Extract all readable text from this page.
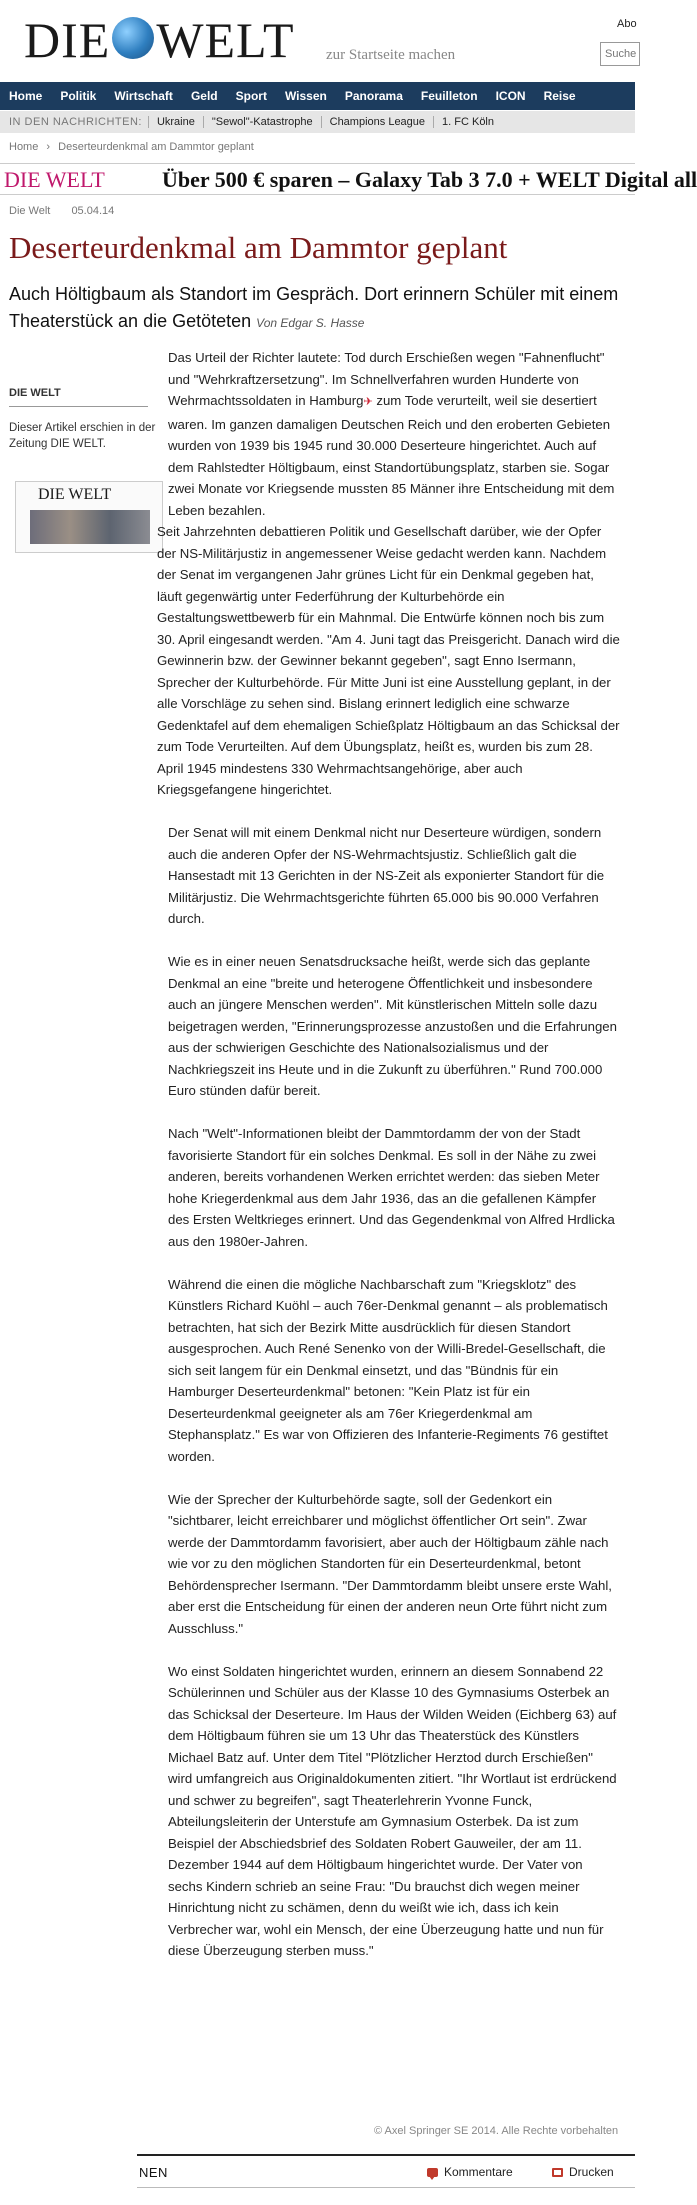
DIE WELT zur Startseite machen
Abo
Suche
Home	Politik	Wirtschaft	Geld	Sport	Wissen	Panorama	Feuilleton	ICON	Reise
IN DEN NACHRICHTEN:	Ukraine	"Sewol"-Katastrophe	Champions League	1. FC Köln
Home › Deserteurdenkmal am Dammtor geplant
DIE WELT	Über 500 € sparen – Galaxy Tab 3 7.0 + WELT Digital all
Die Welt 05.04.14
Deserteurdenkmal am Dammtor geplant
Auch Höltigbaum als Standort im Gespräch. Dort erinnern Schüler mit einem Theaterstück an die Getöteten Von Edgar S. Hasse
DIE WELT
Dieser Artikel erschien in der Zeitung DIE WELT.
DIE WELT

Das Urteil der Richter lautete: Tod durch Erschießen wegen "Fahnenflucht" und "Wehrkraftzersetzung". Im Schnellverfahren wurden Hunderte von Wehrmachtssoldaten in Hamburg✈ zum Tode verurteilt, weil sie desertiert waren. Im ganzen damaligen Deutschen Reich und den eroberten Gebieten wurden von 1939 bis 1945 rund 30.000 Deserteure hingerichtet. Auch auf dem Rahlstedter Höltigbaum, einst Standortübungsplatz, starben sie. Sogar zwei Monate vor Kriegsende mussten 85 Männer ihre Entscheidung mit dem Leben bezahlen.

Seit Jahrzehnten debattieren Politik und Gesellschaft darüber, wie der Opfer der NS-Militärjustiz in angemessener Weise gedacht werden kann. Nachdem der Senat im vergangenen Jahr grünes Licht für ein Denkmal gegeben hat, läuft gegenwärtig unter Federführung der Kulturbehörde ein Gestaltungswettbewerb für ein Mahnmal. Die Entwürfe können noch bis zum 30. April eingesandt werden. "Am 4. Juni tagt das Preisgericht. Danach wird die Gewinnerin bzw. der Gewinner bekannt gegeben", sagt Enno Isermann, Sprecher der Kulturbehörde. Für Mitte Juni ist eine Ausstellung geplant, in der alle Vorschläge zu sehen sind. Bislang erinnert lediglich eine schwarze Gedenktafel auf dem ehemaligen Schießplatz Höltigbaum an das Schicksal der zum Tode Verurteilten. Auf dem Übungsplatz, heißt es, wurden bis zum 28. April 1945 mindestens 330 Wehrmachtsangehörige, aber auch Kriegsgefangene hingerichtet.

Der Senat will mit einem Denkmal nicht nur Deserteure würdigen, sondern auch die anderen Opfer der NS-Wehrmachtsjustiz. Schließlich galt die Hansestadt mit 13 Gerichten in der NS-Zeit als exponierter Standort für die Militärjustiz. Die Wehrmachtsgerichte führten 65.000 bis 90.000 Verfahren durch.

Wie es in einer neuen Senatsdrucksache heißt, werde sich das geplante Denkmal an eine "breite und heterogene Öffentlichkeit und insbesondere auch an jüngere Menschen werden". Mit künstlerischen Mitteln solle dazu beigetragen werden, "Erinnerungsprozesse anzustoßen und die Erfahrungen aus der schwierigen Geschichte des Nationalsozialismus und der Nachkriegszeit ins Heute und in die Zukunft zu überführen." Rund 700.000 Euro stünden dafür bereit.

Nach "Welt"-Informationen bleibt der Dammtordamm der von der Stadt favorisierte Standort für ein solches Denkmal. Es soll in der Nähe zu zwei anderen, bereits vorhandenen Werken errichtet werden: das sieben Meter hohe Kriegerdenkmal aus dem Jahr 1936, das an die gefallenen Kämpfer des Ersten Weltkrieges erinnert. Und das Gegendenkmal von Alfred Hrdlicka aus den 1980er-Jahren.

Während die einen die mögliche Nachbarschaft zum "Kriegsklotz" des Künstlers Richard Kuöhl – auch 76er-Denkmal genannt – als problematisch betrachten, hat sich der Bezirk Mitte ausdrücklich für diesen Standort ausgesprochen. Auch René Senenko von der Willi-Bredel-Gesellschaft, die sich seit langem für ein Denkmal einsetzt, und das "Bündnis für ein Hamburger Deserteurdenkmal" betonen: "Kein Platz ist für ein Deserteurdenkmal geeigneter als am 76er Kriegerdenkmal am Stephansplatz." Es war von Offizieren des Infanterie-Regiments 76 gestiftet worden.

Wie der Sprecher der Kulturbehörde sagte, soll der Gedenkort ein "sichtbarer, leicht erreichbarer und möglichst öffentlicher Ort sein". Zwar werde der Dammtordamm favorisiert, aber auch der Höltigbaum zähle nach wie vor zu den möglichen Standorten für ein Deserteurdenkmal, betont Behördensprecher Isermann. "Der Dammtordamm bleibt unsere erste Wahl, aber erst die Entscheidung für einen der anderen neun Orte führt nicht zum Ausschluss."

Wo einst Soldaten hingerichtet wurden, erinnern an diesem Sonnabend 22 Schülerinnen und Schüler aus der Klasse 10 des Gymnasiums Osterbek an das Schicksal der Deserteure. Im Haus der Wilden Weiden (Eichberg 63) auf dem Höltigbaum führen sie um 13 Uhr das Theaterstück des Künstlers Michael Batz auf. Unter dem Titel "Plötzlicher Herztod durch Erschießen" wird umfangreich aus Originaldokumenten zitiert. "Ihr Wortlaut ist erdrückend und schwer zu begreifen", sagt Theaterlehrerin Yvonne Funck, Abteilungsleiterin der Unterstufe am Gymnasium Osterbek. Da ist zum Beispiel der Abschiedsbrief des Soldaten Robert Gauweiler, der am 11. Dezember 1944 auf dem Höltigbaum hingerichtet wurde. Der Vater von sechs Kindern schrieb an seine Frau: "Du brauchst dich wegen meiner Hinrichtung nicht zu schämen, denn du weißt wie ich, dass ich kein Verbrecher war, wohl ein Mensch, der eine Überzeugung hatte und nun für diese Überzeugung sterben muss."

© Axel Springer SE 2014. Alle Rechte vorbehalten
NEN	Kommentare	Drucken
